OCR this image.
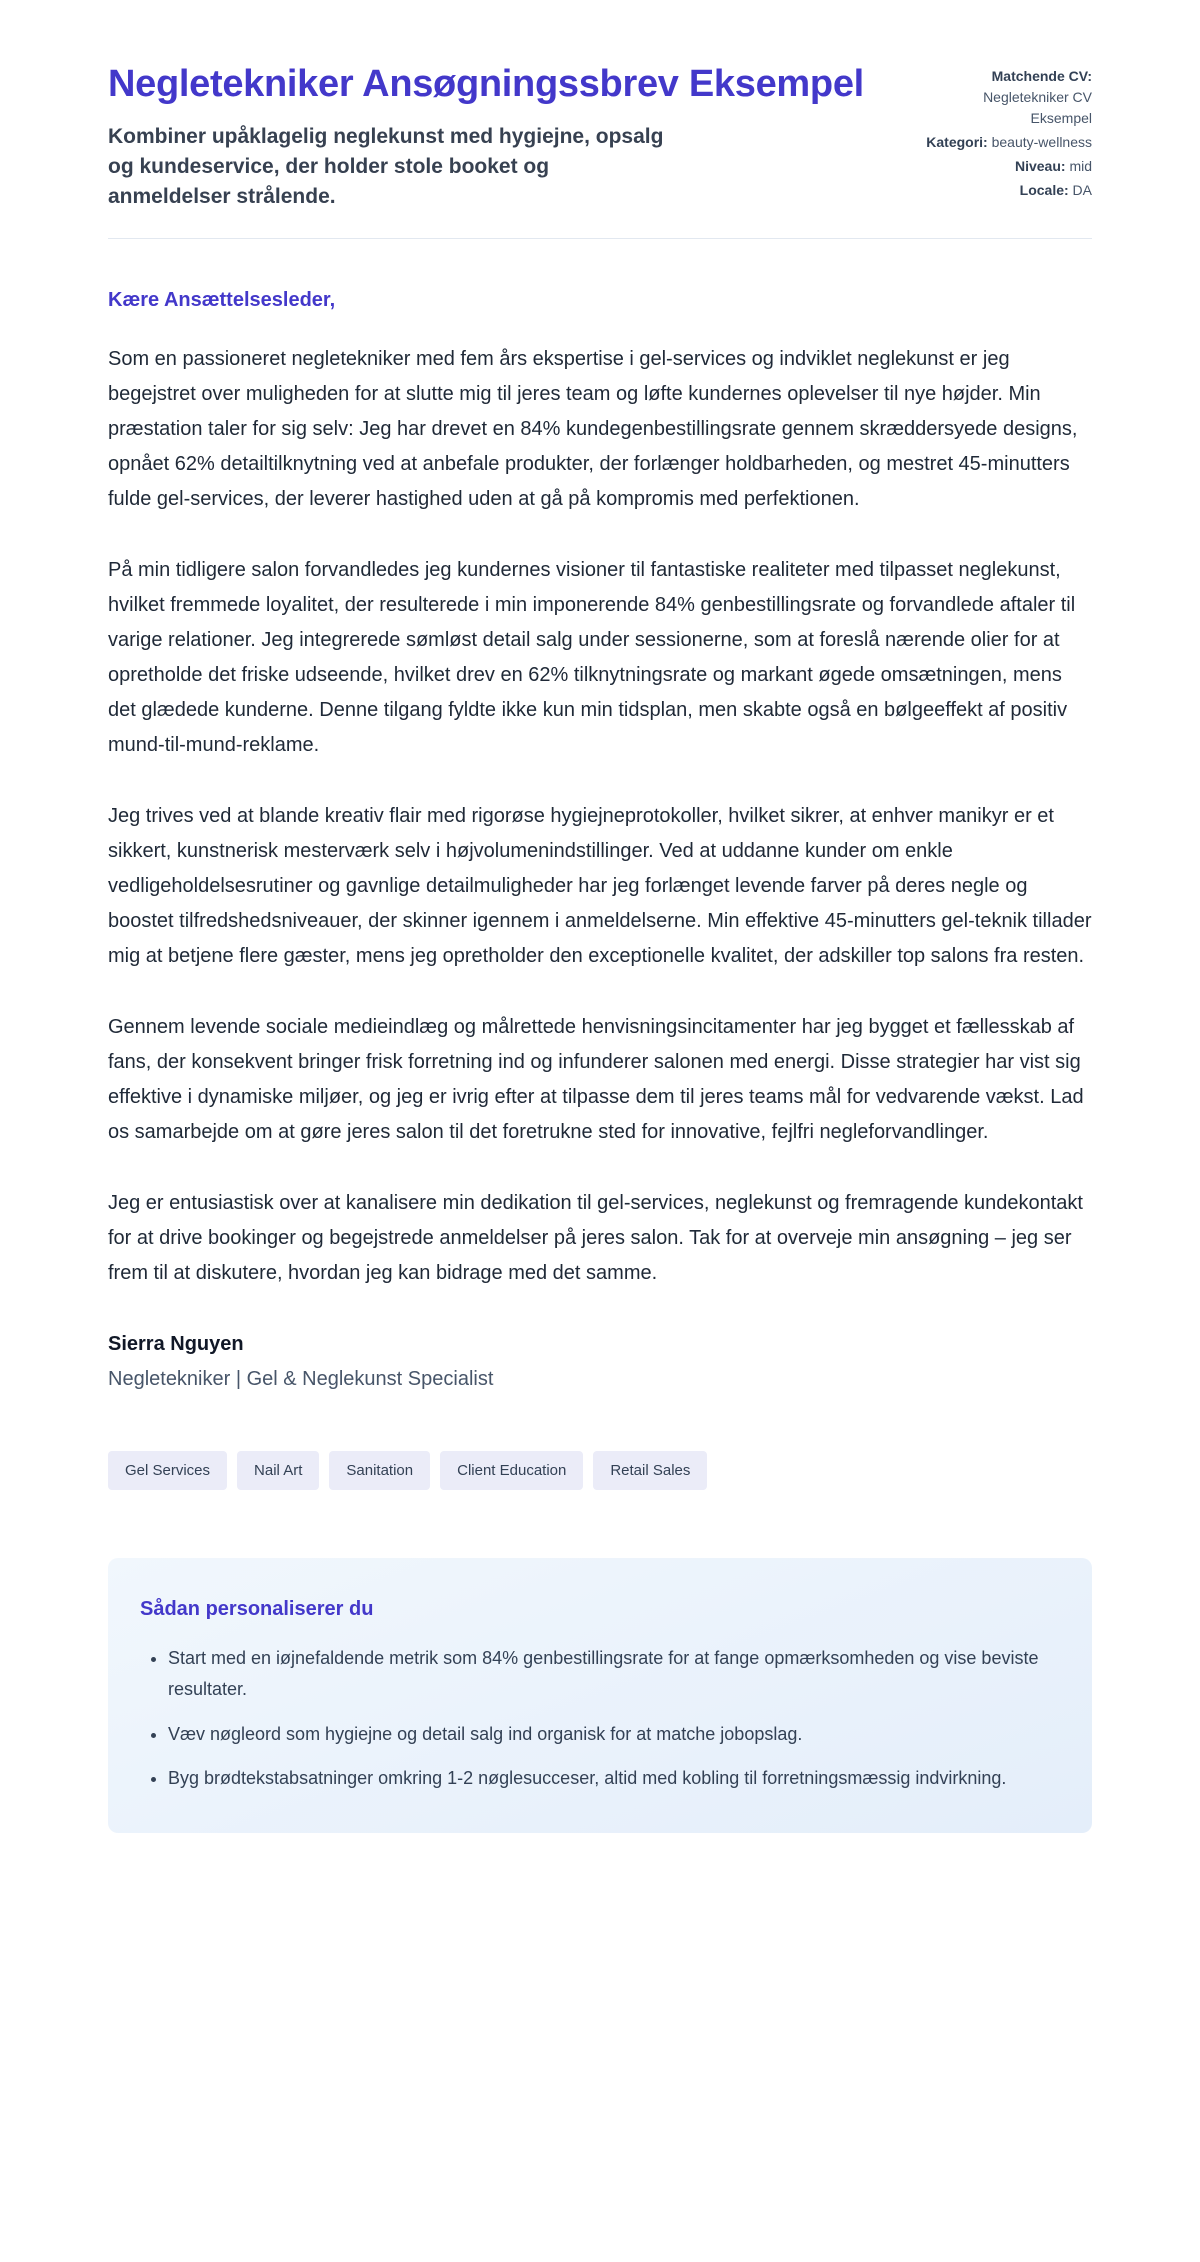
Negletekniker Ansøgningssbrev Eksempel

Kombiner upåklagelig neglekunst med hygiejne, opsalg og kundeservice, der holder stole booket og anmeldelser strålende.

Matchende CV: Negletekniker CV Eksempel
Kategori: beauty-wellness
Niveau: mid
Locale: DA

Kære Ansættelsesleder,

Som en passioneret negletekniker med fem års ekspertise i gel-services og indviklet neglekunst er jeg begejstret over muligheden for at slutte mig til jeres team og løfte kundernes oplevelser til nye højder. Min præstation taler for sig selv: Jeg har drevet en 84% kundegenbestillingsrate gennem skræddersyede designs, opnået 62% detailtilknytning ved at anbefale produkter, der forlænger holdbarheden, og mestret 45-minutters fulde gel-services, der leverer hastighed uden at gå på kompromis med perfektionen.

På min tidligere salon forvandledes jeg kundernes visioner til fantastiske realiteter med tilpasset neglekunst, hvilket fremmede loyalitet, der resulterede i min imponerende 84% genbestillingsrate og forvandlede aftaler til varige relationer. Jeg integrerede sømløst detail salg under sessionerne, som at foreslå nærende olier for at opretholde det friske udseende, hvilket drev en 62% tilknytningsrate og markant øgede omsætningen, mens det glædede kunderne. Denne tilgang fyldte ikke kun min tidsplan, men skabte også en bølgeeffekt af positiv mund-til-mund-reklame.

Jeg trives ved at blande kreativ flair med rigorøse hygiejneprotokoller, hvilket sikrer, at enhver manikyr er et sikkert, kunstnerisk mesterværk selv i højvolumenindstillinger. Ved at uddanne kunder om enkle vedligeholdelsesrutiner og gavnlige detailmuligheder har jeg forlænget levende farver på deres negle og boostet tilfredshedsniveauer, der skinner igennem i anmeldelserne. Min effektive 45-minutters gel-teknik tillader mig at betjene flere gæster, mens jeg opretholder den exceptionelle kvalitet, der adskiller top salons fra resten.

Gennem levende sociale medieindlæg og målrettede henvisningsincitamenter har jeg bygget et fællesskab af fans, der konsekvent bringer frisk forretning ind og infunderer salonen med energi. Disse strategier har vist sig effektive i dynamiske miljøer, og jeg er ivrig efter at tilpasse dem til jeres teams mål for vedvarende vækst. Lad os samarbejde om at gøre jeres salon til det foretrukne sted for innovative, fejlfri negleforvandlinger.

Jeg er entusiastisk over at kanalisere min dedikation til gel-services, neglekunst og fremragende kundekontakt for at drive bookinger og begejstrede anmeldelser på jeres salon. Tak for at overveje min ansøgning – jeg ser frem til at diskutere, hvordan jeg kan bidrage med det samme.

Sierra Nguyen

Negletekniker | Gel & Neglekunst Specialist

Gel Services	Nail Art	Sanitation	Client Education	Retail Sales
Sådan personaliserer du
• Start med en iøjnefaldende metrik som 84% genbestillingsrate for at fange opmærksomheden og vise beviste resultater.
• Væv nøgleord som hygiejne og detail salg ind organisk for at matche jobopslag.
• Byg brødtekstabsatninger omkring 1-2 nøglesucceser, altid med kobling til forretningsmæssig indvirkning.
